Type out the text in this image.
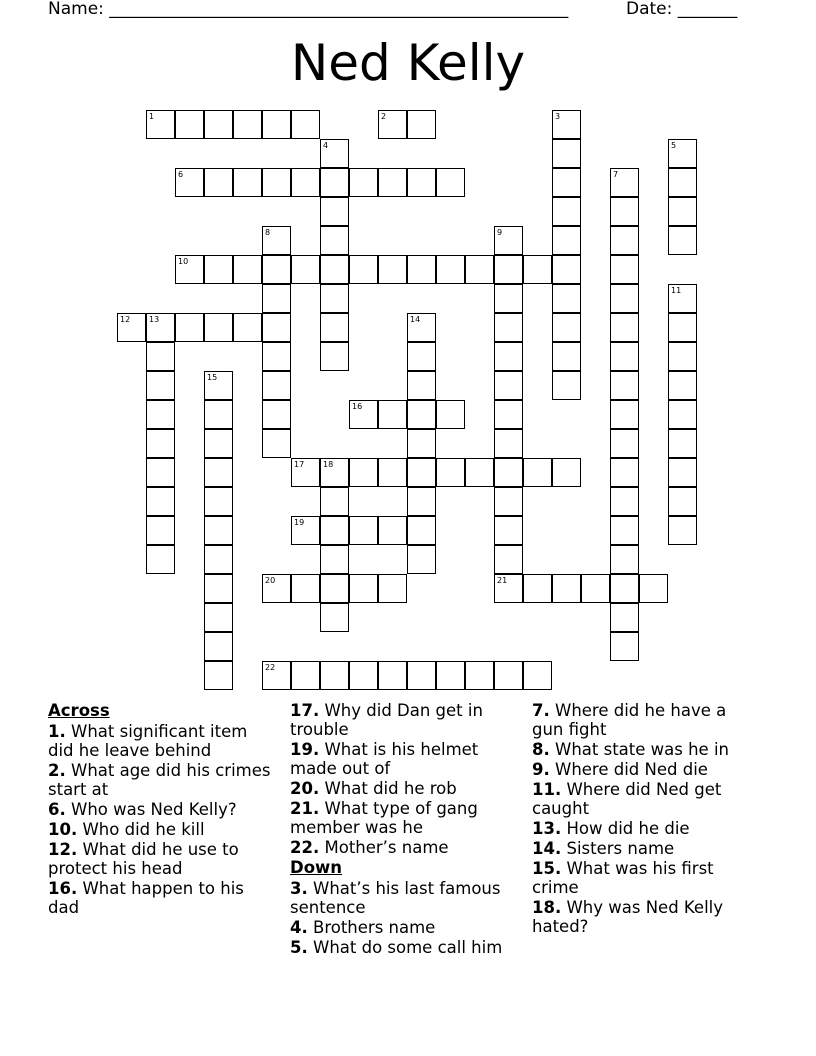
Name: ______________________________________________________	Date: _______
Ned Kelly
1	2
6
10
12 13
16
17 18
19
20	21
22
3
4	5
7
8	9
11
14
15
Across
1. What significant item did he leave behind
2. What age did his crimes start at
6. Who was Ned Kelly?
10. Who did he kill
12. What did he use to protect his head
16. What happen to his dad
17. Why did Dan get in trouble
19. What is his helmet made out of
20. What did he rob
21. What type of gang member was he
22. Mother’s name
Down
3. What’s his last famous sentence
4. Brothers name
5. What do some call him
7. Where did he have a gun fight
8. What state was he in
9. Where did Ned die
11. Where did Ned get caught
13. How did he die
14. Sisters name
15. What was his first crime
18. Why was Ned Kelly hated?
